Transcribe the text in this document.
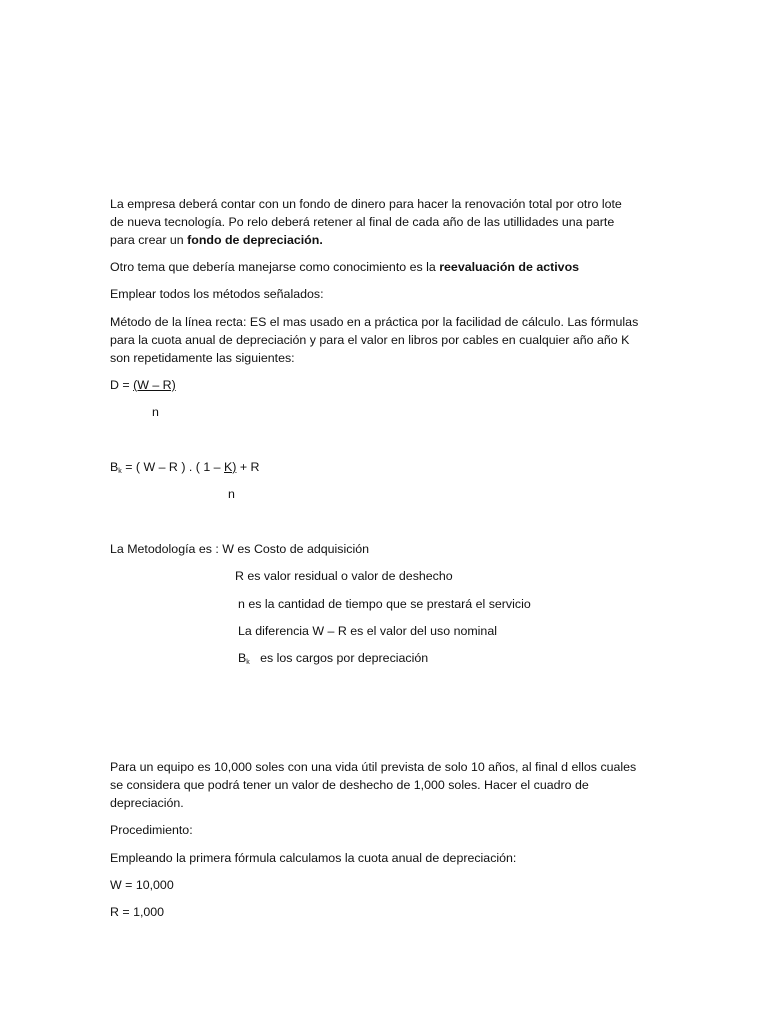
La empresa deberá contar con un fondo de dinero para hacer la renovación total por otro lote

de nueva tecnología. Po relo deberá retener al final de cada año de las utillidades una parte

para crear un fondo de depreciación.

Otro tema que debería manejarse como conocimiento es la reevaluación de activos

Emplear todos los métodos señalados:

Método de la línea recta: ES el mas usado en a práctica por la facilidad de cálculo. Las fórmulas

para la cuota anual de depreciación y para el valor en libros por cables en cualquier año año K

son repetidamente las siguientes:

D = (W – R)

n

$B_k$ = ( W – R ) . ( 1 – K) + R

n

La Metodología es : W es Costo de adquisición

R es valor residual o valor de deshecho

n es la cantidad de tiempo que se prestará el servicio

La diferencia W – R es el valor del uso nominal

$B_k$   es los cargos por depreciación

Para un equipo es 10,000 soles con una vida útil prevista de solo 10 años, al final d ellos cuales

se considera que podrá tener un valor de deshecho de 1,000 soles. Hacer el cuadro de

depreciación.

Procedimiento:

Empleando la primera fórmula calculamos la cuota anual de depreciación:

W = 10,000

R = 1,000
